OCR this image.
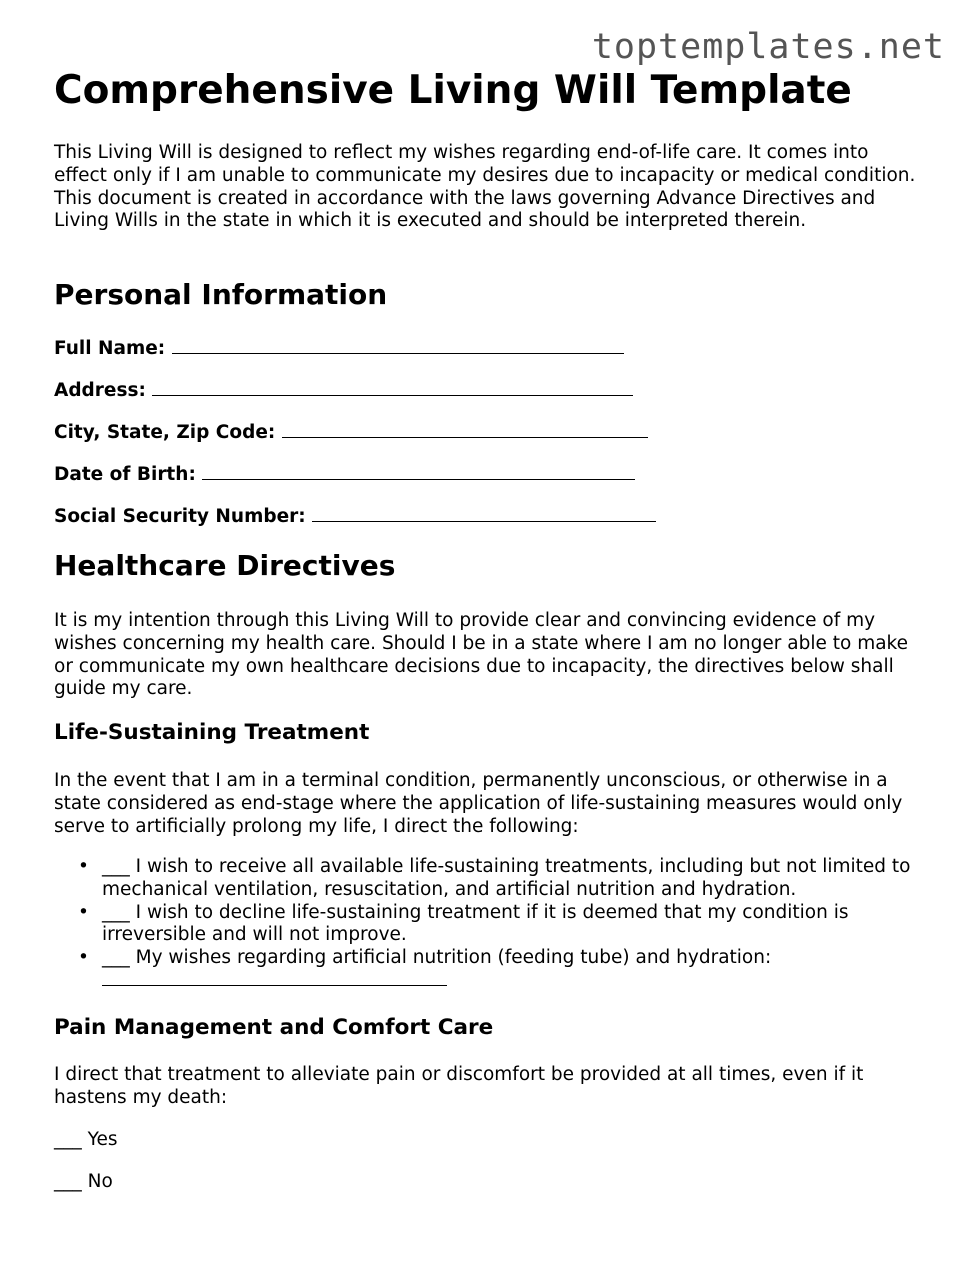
toptemplates.net
Comprehensive Living Will Template

This Living Will is designed to reflect my wishes regarding end-of-life care. It comes into effect only if I am unable to communicate my desires due to incapacity or medical condition. This document is created in accordance with the laws governing Advance Directives and Living Wills in the state in which it is executed and should be interpreted therein.

Personal Information
Full Name:
Address:
City, State, Zip Code:
Date of Birth:
Social Security Number:
Healthcare Directives

It is my intention through this Living Will to provide clear and convincing evidence of my wishes concerning my health care. Should I be in a state where I am no longer able to make or communicate my own healthcare decisions due to incapacity, the directives below shall guide my care.

Life-Sustaining Treatment

In the event that I am in a terminal condition, permanently unconscious, or otherwise in a state considered as end-stage where the application of life-sustaining measures would only serve to artificially prolong my life, I direct the following:

• ___ I wish to receive all available life-sustaining treatments, including but not limited to mechanical ventilation, resuscitation, and artificial nutrition and hydration.
• ___ I wish to decline life-sustaining treatment if it is deemed that my condition is irreversible and will not improve.
• ___ My wishes regarding artificial nutrition (feeding tube) and hydration:

Pain Management and Comfort Care

I direct that treatment to alleviate pain or discomfort be provided at all times, even if it hastens my death:

___ Yes
___ No
